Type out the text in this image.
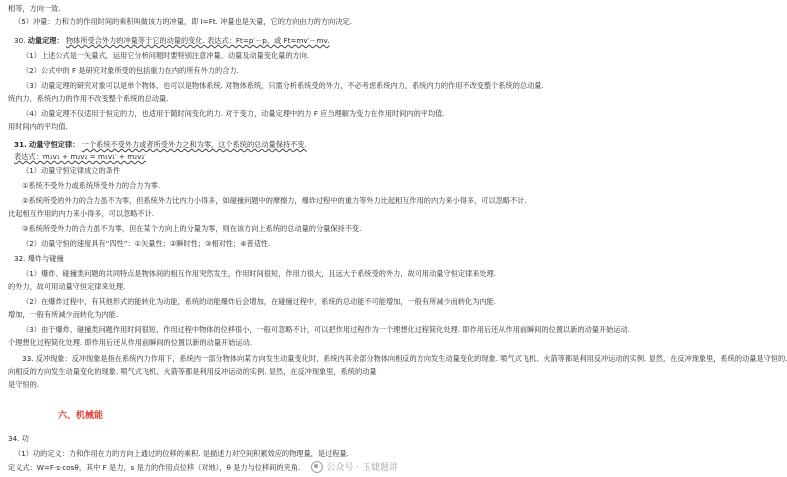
相等，方向一致.
（5）冲量：力和力的作用时间的乘积叫做该力的冲量，即 I=Ft. 冲量也是矢量，它的方向由力的方向决定.
30. 动量定理： 物体所受合外力的冲量等于它的动量的变化. 表达式：Ft=p′－p，或 Ft=mv′－mv.
（1）上述公式是一矢量式，运用它分析问题时要特别注意冲量、动量及动量变化量的方向.
（2）公式中的 F 是研究对象所受的包括重力在内的所有外力的合力.
（3）动量定理的研究对象可以是单个物体，也可以是物体系统. 对物体系统，只需分析系统受的外力，不必考虑系统内力，系统内力的作用不改变整个系统的总动量.
统内力，系统内力的作用不改变整个系统的总动量.
（4）动量定理不仅适用于恒定的力，也适用于随时间变化的力. 对于变力，动量定理中的力 F 应当理解为变力在作用时间内的平均值.
用时间内的平均值.
31. 动量守恒定律： 一个系统不受外力或者所受外力之和为零，这个系统的总动量保持不变.
表达式：m₁v₁ + m₂v₂ = m₁v₁′ + m₂v₂′
（1）动量守恒定律成立的条件
①系统不受外力或系统所受外力的合力为零.
②系统所受的外力的合力虽不为零，但系统外力比内力小得多，如碰撞问题中的摩擦力，爆炸过程中的重力等外力比起相互作用的内力来小得多，可以忽略不计.
比起相互作用的内力来小得多，可以忽略不计.
③系统所受外力的合力虽不为零，但在某个方向上的分量为零，则在该方向上系统的总动量的分量保持不变.
（2）动量守恒的速度具有“四性”：①矢量性；②瞬时性；③相对性；④普适性.
32. 爆炸与碰撞
（1）爆炸、碰撞类问题的共同特点是物体间的相互作用突然发生，作用时间很短，作用力很大，且远大于系统受的外力，故可用动量守恒定律来处理.
的外力，故可用动量守恒定律来处理.
（2）在爆炸过程中，有其他形式的能转化为动能，系统的动能爆炸后会增加，在碰撞过程中，系统的总动能不可能增加，一般有所减少而转化为内能.
增加，一般有所减少而转化为内能.
（3）由于爆炸、碰撞类问题作用时间很短，作用过程中物体的位移很小，一般可忽略不计，可以把作用过程作为一个理想化过程简化处理. 即作用后还从作用前瞬间的位置以新的动量开始运动.
个理想化过程简化处理. 即作用后还从作用前瞬间的位置以新的动量开始运动.
33. 反冲现象：反冲现象是指在系统内力作用下，系统内一部分物体向某方向发生动量变化时，系统内其余部分物体向相反的方向发生动量变化的现象. 喷气式飞机、火箭等都是利用反冲运动的实例. 显然，在反冲现象里，系统的动量是守恒的.
向相反的方向发生动量变化的现象. 喷气式飞机、火箭等都是利用反冲运动的实例. 显然，在反冲现象里，系统的动量
是守恒的.
六、机械能
34. 功
（1）功的定义：力和作用在力的方向上通过的位移的乘积. 是描述力对空间积累效应的物理量，是过程量.
定义式：W=F·s·cosθ，其中 F 是力，s 是力的作用点位移（对地），θ 是力与位移间的夹角.	公众号 · 玉婕题讲
